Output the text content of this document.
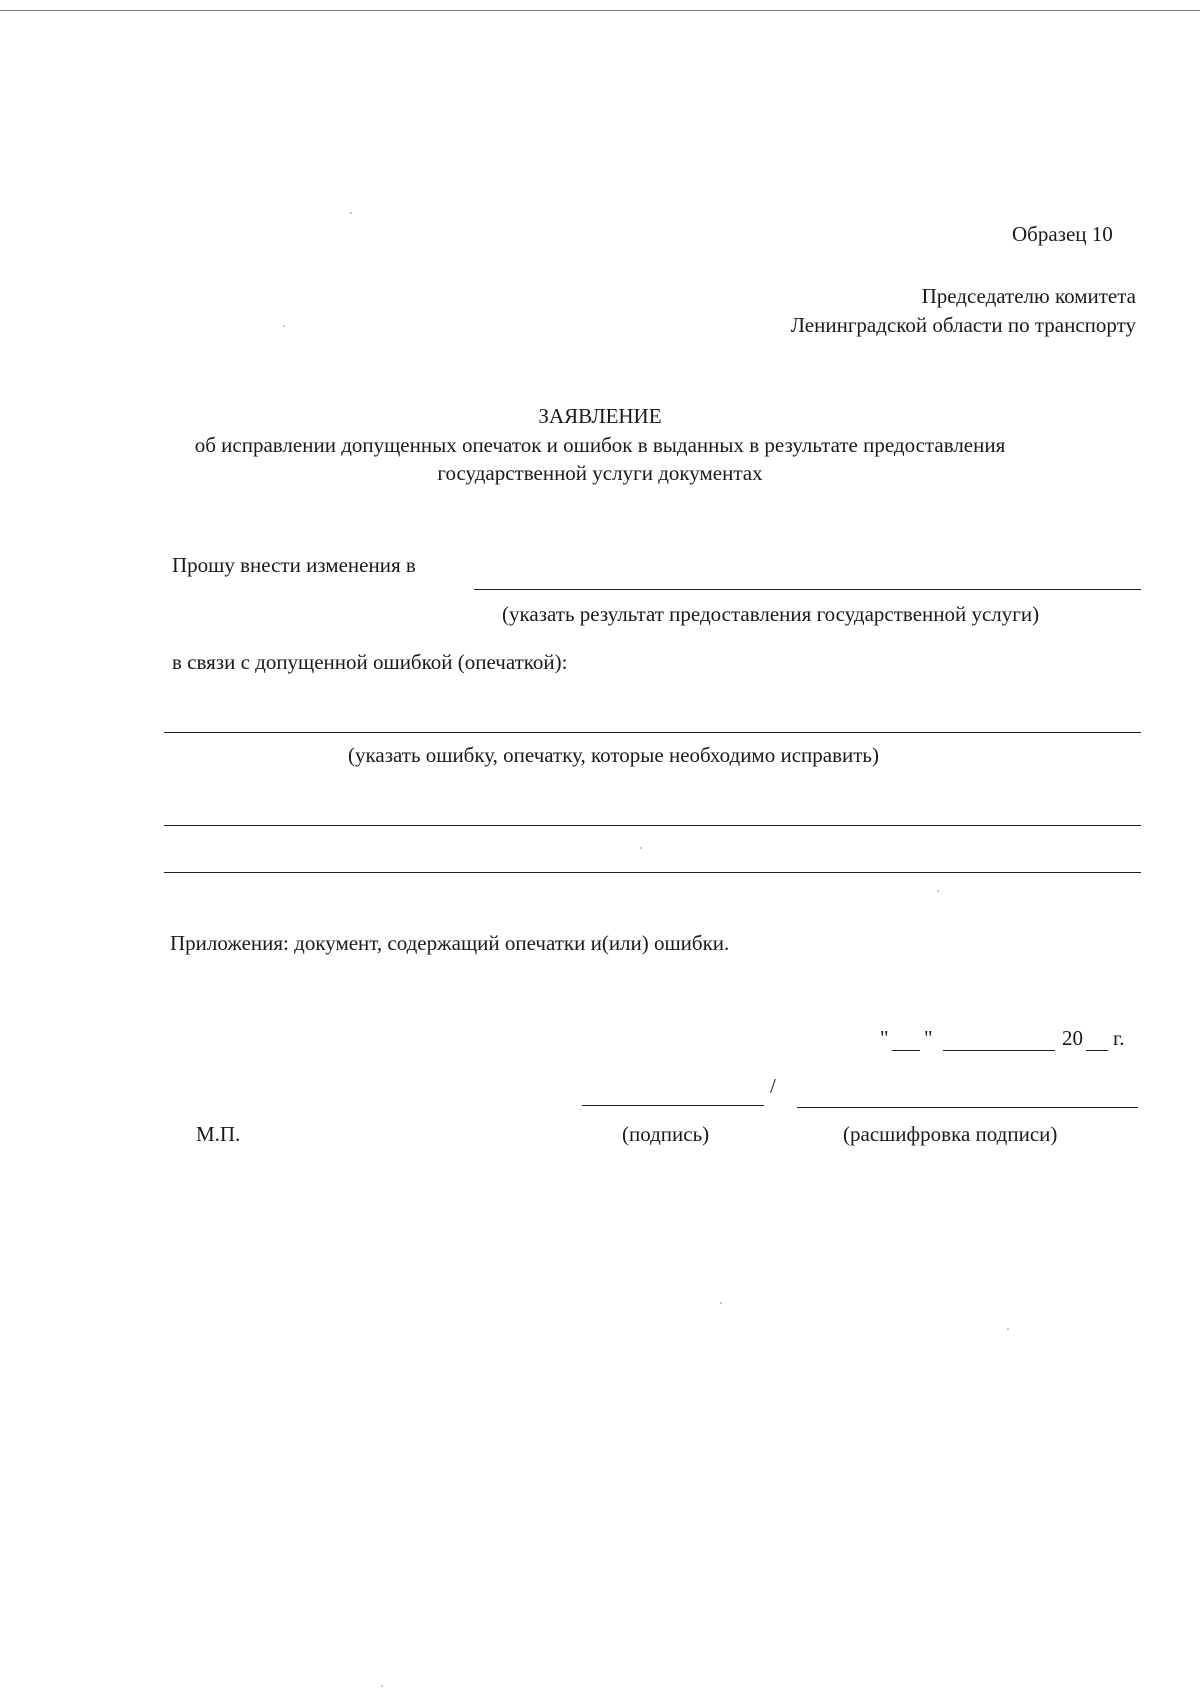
Образец 10
Председателю комитета
Ленинградской области по транспорту
ЗАЯВЛЕНИЕ
об исправлении допущенных опечаток и ошибок в выданных в результате предоставления
государственной услуги документах
Прошу внести изменения в
(указать результат предоставления государственной услуги)
в связи с допущенной ошибкой (опечаткой):
(указать ошибку, опечатку, которые необходимо исправить)
Приложения: документ, содержащий опечатки и(или) ошибки.
" "	20 г.
/
М.П.	(подпись)	(расшифровка подписи)
